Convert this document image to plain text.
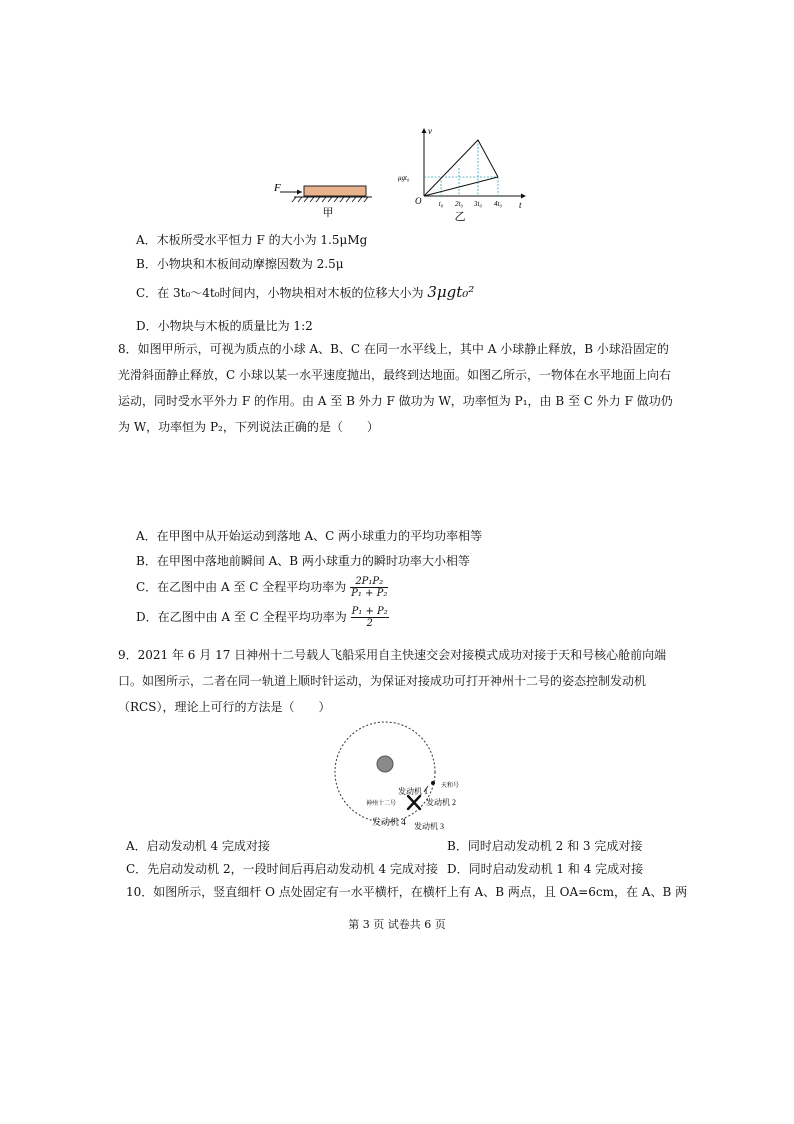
F
甲
v
t
O
μgt₀
t₀ 2t₀ 3t₀ 4t₀
乙
A．木板所受水平恒力 F 的大小为 1.5μMg
B．小物块和木板间动摩擦因数为 2.5μ
C．在 3t₀～4t₀时间内，小物块相对木板的位移大小为 3μgt₀²
D．小物块与木板的质量比为 1:2
8．如图甲所示，可视为质点的小球 A、B、C 在同一水平线上，其中 A 小球静止释放，B 小球沿固定的光滑斜面静止释放，C 小球以某一水平速度抛出，最终到达地面。如图乙所示，一物体在水平地面上向右运动，同时受水平外力 F 的作用。由 A 至 B 外力 F 做功为 W，功率恒为 P₁，由 B 至 C 外力 F 做功仍为 W，功率恒为 P₂，下列说法正确的是（　　）
A．在甲图中从开始运动到落地 A、C 两小球重力的平均功率相等
B．在甲图中落地前瞬间 A、B 两小球重力的瞬时功率大小相等
C．在乙图中由 A 至 C 全程平均功率为 $\frac{\text{2P₁P₂}}{\text{P₁ + P₂}}$
D．在乙图中由 A 至 C 全程平均功率为 $\frac{\text{P₁ + P₂}}{2}$
9．2021 年 6 月 17 日神州十二号载人飞船采用自主快速交会对接模式成功对接于天和号核心舱前向端口。如图所示，二者在同一轨道上顺时针运动，为保证对接成功可打开神州十二号的姿态控制发动机（RCS），理论上可行的方法是（　　）
天和号
发动机 1
神州十二号	发动机 2
发动机 4 发动机 3
A．启动发动机 4 完成对接	B．同时启动发动机 2 和 3 完成对接
C．先启动发动机 2，一段时间后再启动发动机 4 完成对接 D．同时启动发动机 1 和 4 完成对接
10．如图所示，竖直细杆 O 点处固定有一水平横杆，在横杆上有 A、B 两点，且 OA=6cm，在 A、B 两
第 3 页 试卷共 6 页
